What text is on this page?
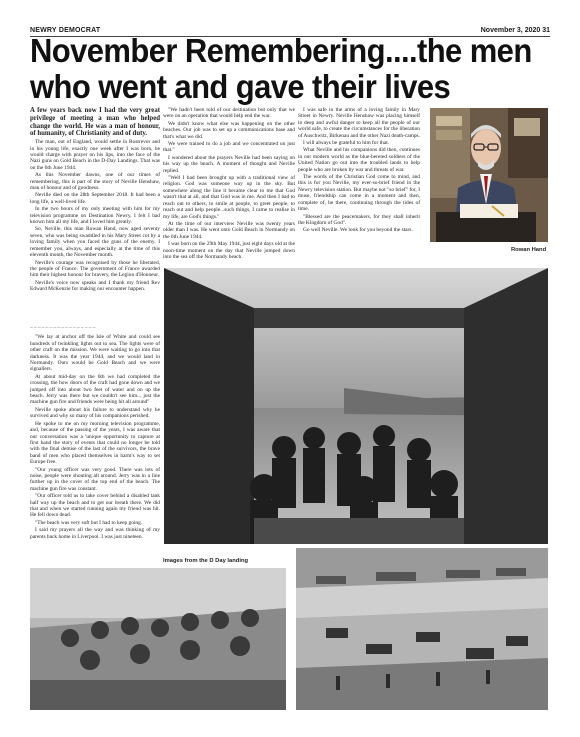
NEWRY DEMOCRAT	November 3, 2020 31
November Remembering....the men who went and gave their lives

A few years back now I had the very great privilege of meeting a man who helped change the world. He was a man of honour, of humanity, of Christianity and of duty.

The man, out of England, would settle in Rostrevor and in his young life, exactly one week after I was born, he would charge with prayer on his lips, into the face of the Nazi guns on Gold Beach in the D-Day Landings. That was on the 6th June 1944.

As this November dawns, one of our times of remembering, this is part of the story of Neville Henshaw, man of honour and of goodness.

Neville died on the 28th September 2018. It had been a long life, a well-lived life.

In the two hours of my only meeting with him for my television programme on Destination Newry, I felt I had known him all my life, and I loved him greatly.

So, Neville, this man Rowan Hand, now aged seventy seven, who was being swaddled in his Mary Street cot by a loving family when you faced the guns of the enemy. I remember you, always, and especially at the time of this eleventh month, the November month.

Neville's courage was recognised by those he liberated, the people of France. The government of France awarded him their highest honour for bravery, the Legion d'Honneur.

Neville's voice now speaks and I thank my friend Rev Edward McKenzie for making our encounter happen.

~~~~~~~~~~~~~~~~~

"We lay at anchor off the Isle of White and could see hundreds of twinkling lights out to sea. The lights were of other craft on the mission. We were waiting to go into that darkness. It was the year 1944, and we would land in Normandy. Ours would be Gold Beach and we were signallers.

At about mid-day on the 6th we had completed the crossing, the bow doors of the craft had gone down and we jumped off into about two feet of water and on up the beach. Jerry was there but we couldn't see him... just the machine gun fire and friends were being hit all around"

Neville spoke about his failure to understand why he survived and why so many of his companions perished.

He spoke to me on my morning television programme, and, because of the passing of the years, I was aware that our conversation was a 'unique opportunity to capture at first hand the story of events that could no longer be told with the final demise of the last of the survivors, the brave band of men who placed themselves in harm's way to set Europe free.

"Our young officer was very good. There was lots of noise, people were shouting all around. Jerry was in a line further up in the cover of the top end of the beach. The machine gun fire was constant.

"Our officer told us to take cover behind a disabled tank half way up the beach and to get our breath there. We did that and when we started running again my friend was hit. He fell down dead.

"The beach was very soft but I had to keep going.

I said my prayers all the way and was thinking of my parents back home in Liverpool. I was just nineteen.

"We hadn't been told of our destination but only that we were on an operation that would help end the war.

We didn't know what else was happening on the other beaches. Our job was to set up a communications base and that's what we did.

We were trained to do a job and we concentrated on just that."

I wondered about the prayers Neville had been saying on his way up the beach. A moment of thought and Neville replied.

"Well I had been brought up with a traditional view of religion. God was someone way up in the sky. But somewhere along the line it became clear to me that God wasn't that at all, and that God was in me. And then I had to reach out to others, to smile at people, to greet people, to reach out and help people...such things, I came to realise in my life, are God's things."

At the time of our interview Neville was twenty years older than I was. He went onto Gold Beach in Normandy on the 6th June 1944.

I was born on the 29th May 1944, just eight days old at the noon-time moment on the day that Neville jumped down into the sea off the Normandy beach.

I was safe in the arms of a loving family in Mary Street in Newry. Neville Henshaw was placing himself in deep and awful danger to keep all the people of our world safe, to create the circumstances for the liberation of Auschwitz, Birkenau and the other Nazi death-camps.

I will always be grateful to him for that.

What Neville and his companions did then, continues in our modern world as the blue-bereted soldiers of the United Nation go out into the troubled lands to help people who are broken by war and threats of war.

The words of the Christian God come to mind, and this is for you Neville, my ever-so-brief friend in the Newry television station. But maybe not "so brief" for, I muse, friendship can come in a moment and then, complete of, be there, continuing through the tides of time.

"Blessed are the peacemakers, for they shall inherit the Kingdom of God".

Go well Neville. We look for you beyond the stars.

Rowan Hand
Images from the D Day landing
